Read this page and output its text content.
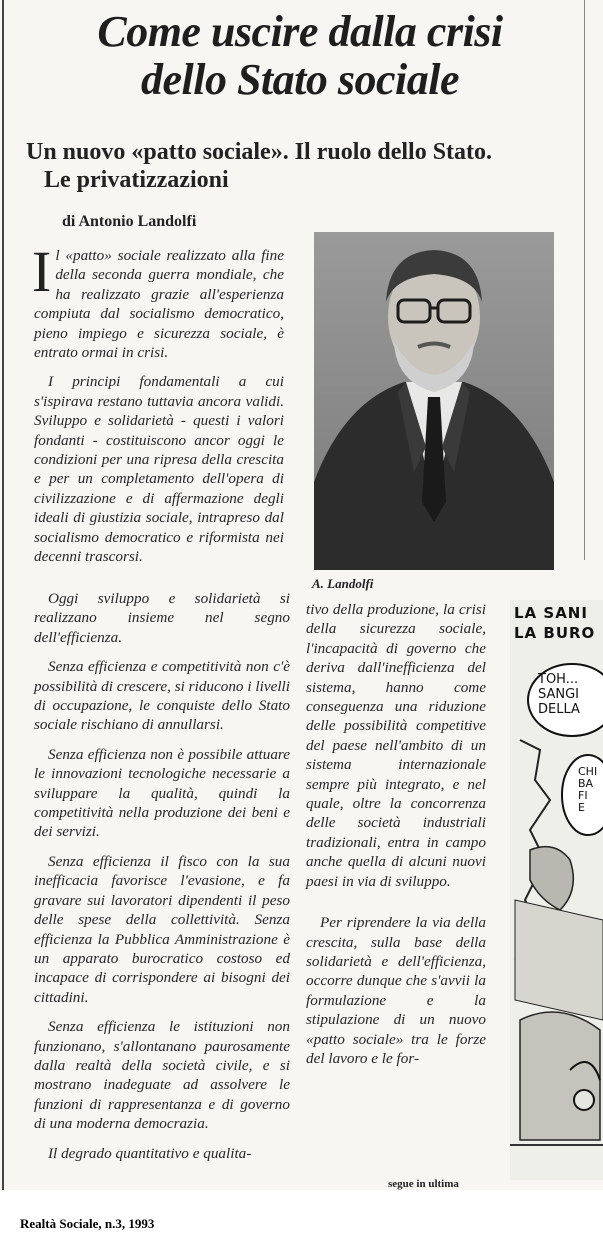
Come uscire dalla crisi
dello Stato sociale
Un nuovo «patto sociale». Il ruolo dello Stato.
Le privatizzazioni
di Antonio Landolfi

Il «patto» sociale realizzato alla fine della seconda guerra mondiale, che ha realizzato grazie all'esperienza compiuta dal socialismo democratico, pieno impiego e sicurezza sociale, è entrato ormai in crisi.

I principi fondamentali a cui s'ispirava restano tuttavia ancora validi. Sviluppo e solidarietà - questi i valori fondanti - costituiscono ancor oggi le condizioni per una ripresa della crescita e per un completamento dell'opera di civilizzazione e di affermazione degli ideali di giustizia sociale, intrapreso dal socialismo democratico e riformista nei decenni trascorsi.

A. Landolfi

Oggi sviluppo e solidarietà si realizzano insieme nel segno dell'efficienza.

Senza efficienza e competitività non c'è possibilità di crescere, si riducono i livelli di occupazione, le conquiste dello Stato sociale rischiano di annullarsi.

Senza efficienza non è possibile attuare le innovazioni tecnologiche necessarie a sviluppare la qualità, quindi la competitività nella produzione dei beni e dei servizi.

Senza efficienza il fisco con la sua inefficacia favorisce l'evasione, e fa gravare sui lavoratori dipendenti il peso delle spese della collettività. Senza efficienza la Pubblica Amministrazione è un apparato burocratico costoso ed incapace di corrispondere ai bisogni dei cittadini.

Senza efficienza le istituzioni non funzionano, s'allontanano paurosamente dalla realtà della società civile, e si mostrano inadeguate ad assolvere le funzioni di rappresentanza e di governo di una moderna democrazia.

Il degrado quantitativo e qualita-

tivo della produzione, la crisi della sicurezza sociale, l'incapacità di governo che deriva dall'inefficienza del sistema, hanno come conseguenza una riduzione delle possibilità competitive del paese nell'ambito di un sistema internazionale sempre più integrato, e nel quale, oltre la concorrenza delle società industriali tradizionali, entra in campo anche quella di alcuni nuovi paesi in via di sviluppo.

Per riprendere la via della crescita, sulla base della solidarietà e dell'efficienza, occorre dunque che s'avvii la formulazione e la stipulazione di un nuovo «patto sociale» tra le forze del lavoro e le for-

LA SANI
LA BURO
TOH...
SANGI
DELLA
CHI
BA
FI
E
segue in ultima
Realtà Sociale, n.3, 1993
